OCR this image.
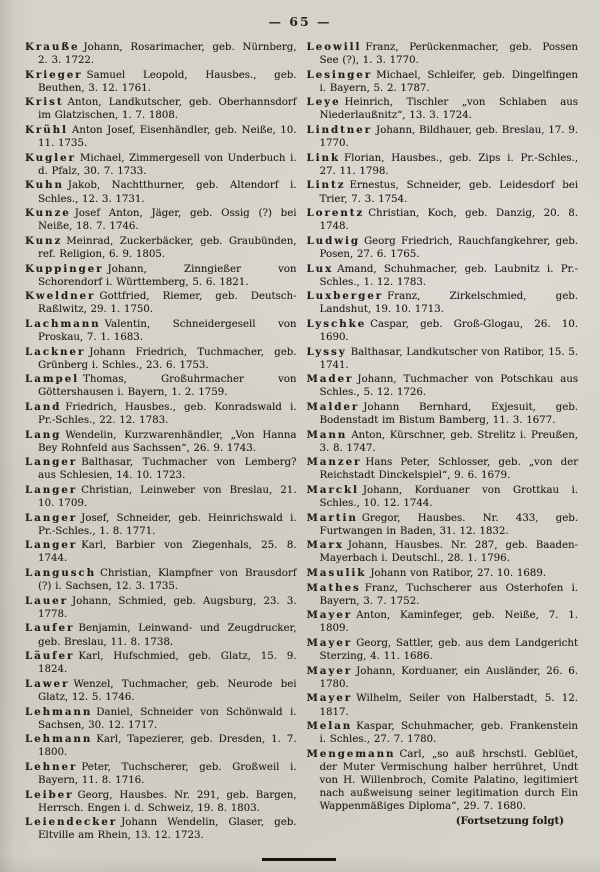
— 65 —

Krauße Johann, Rosarimacher, geb. Nürnberg, 2. 3. 1722.

Krieger Samuel Leopold, Hausbes., geb. Beuthen, 3. 12. 1761.

Krist Anton, Landkutscher, geb. Oberhannsdorf im Glatzischen, 1. 7. 1808.

Krühl Anton Josef, Eisenhändler, geb. Neiße, 10. 11. 1735.

Kugler Michael, Zimmergesell von Underbuch i. d. Pfalz, 30. 7. 1733.

Kuhn Jakob, Nachtthurner, geb. Altendorf i. Schles., 12. 3. 1731.

Kunze Josef Anton, Jäger, geb. Ossig (?) bei Neiße, 18. 7. 1746.

Kunz Meinrad, Zuckerbäcker, geb. Graubünden, ref. Religion, 6. 9. 1805.

Kuppinger Johann, Zinngießer von Schorendorf i. Württemberg, 5. 6. 1821.

Kweldner Gottfried, Riemer, geb. Deutsch-Raßlwitz, 29. 1. 1750.

Lachmann Valentin, Schneidergesell von Proskau, 7. 1. 1683.

Lackner Johann Friedrich, Tuchmacher, geb. Grünberg i. Schles., 23. 6. 1753.

Lampel Thomas, Großuhrmacher von Göttershausen i. Bayern, 1. 2. 1759.

Land Friedrich, Hausbes., geb. Konradswald i. Pr.-Schles., 22. 12. 1783.

Lang Wendelin, Kurzwarenhändler, „Von Hanna Bey Rohnfeld aus Sachssen“, 26. 9. 1743.

Langer Balthasar, Tuchmacher von Lemberg? aus Schlesien, 14. 10. 1723.

Langer Christian, Leinweber von Breslau, 21. 10. 1709.

Langer Josef, Schneider, geb. Heinrichswald i. Pr.-Schles., 1. 8. 1771.

Langer Karl, Barbier von Ziegenhals, 25. 8. 1744.

Langusch Christian, Klampfner von Brausdorf (?) i. Sachsen, 12. 3. 1735.

Lauer Johann, Schmied, geb. Augsburg, 23. 3. 1778.

Laufer Benjamin, Leinwand- und Zeugdrucker, geb. Breslau, 11. 8. 1738.

Läufer Karl, Hufschmied, geb. Glatz, 15. 9. 1824.

Lawer Wenzel, Tuchmacher, geb. Neurode bei Glatz, 12. 5. 1746.

Lehmann Daniel, Schneider von Schönwald i. Sachsen, 30. 12. 1717.

Lehmann Karl, Tapezierer, geb. Dresden, 1. 7. 1800.

Lehner Peter, Tuchscherer, geb. Großweil i. Bayern, 11. 8. 1716.

Leiber Georg, Hausbes. Nr. 291, geb. Bargen, Herrsch. Engen i. d. Schweiz, 19. 8. 1803.

Leiendecker Johann Wendelin, Glaser, geb. Eltville am Rhein, 13. 12. 1723.

Leowill Franz, Perückenmacher, geb. Possen See (?), 1. 3. 1770.

Lesinger Michael, Schleifer, geb. Dingelfingen i. Bayern, 5. 2. 1787.

Leye Heinrich, Tischler „von Schlaben aus Niederlaußnitz“, 13. 3. 1724.

Lindtner Johann, Bildhauer, geb. Breslau, 17. 9. 1770.

Link Florian, Hausbes., geb. Zips i. Pr.-Schles., 27. 11. 1798.

Lintz Ernestus, Schneider, geb. Leidesdorf bei Trier, 7. 3. 1754.

Lorentz Christian, Koch, geb. Danzig, 20. 8. 1748.

Ludwig Georg Friedrich, Rauchfangkehrer, geb. Posen, 27. 6. 1765.

Lux Amand, Schuhmacher, geb. Laubnitz i. Pr.-Schles., 1. 12. 1783.

Luxberger Franz, Zirkelschmied, geb. Landshut, 19. 10. 1713.

Lyschke Caspar, geb. Groß-Glogau, 26. 10. 1690.

Lyssy Balthasar, Landkutscher von Ratibor, 15. 5. 1741.

Mader Johann, Tuchmacher von Potschkau aus Schles., 5. 12. 1726.

Malder Johann Bernhard, Exjesuit, geb. Bodenstadt im Bistum Bamberg, 11. 3. 1677.

Mann Anton, Kürschner, geb. Strelitz i. Preußen, 3. 8. 1747.

Manzer Hans Peter, Schlosser, geb. „von der Reichstadt Dinckelspiel“, 9. 6. 1679.

Marckl Johann, Korduaner von Grottkau i. Schles., 10. 12. 1744.

Martin Gregor, Hausbes. Nr. 433, geb. Furtwangen in Baden, 31. 12. 1832.

Marx Johann, Hausbes. Nr. 287, geb. Baaden-Mayerbach i. Deutschl., 28. 1. 1796.

Masulik Johann von Ratibor, 27. 10. 1689.

Mathes Franz, Tuchscherer aus Osterhofen i. Bayern, 3. 7. 1752.

Mayer Anton, Kaminfeger, geb. Neiße, 7. 1. 1809.

Mayer Georg, Sattler, geb. aus dem Landgericht Sterzing, 4. 11. 1686.

Mayer Johann, Korduaner, ein Ausländer, 26. 6. 1780.

Mayer Wilhelm, Seiler von Halberstadt, 5. 12. 1817.

Melan Kaspar, Schuhmacher, geb. Frankenstein i. Schles., 27. 7. 1780.

Mengemann Carl, „so auß hrschstl. Geblüet, der Muter Vermischung halber herrühret, Undt von H. Willenbroch, Comite Palatino, legitimiert nach außweisung seiner legitimation durch Ein Wappenmäßiges Diploma“, 29. 7. 1680.

(Fortsetzung folgt)
